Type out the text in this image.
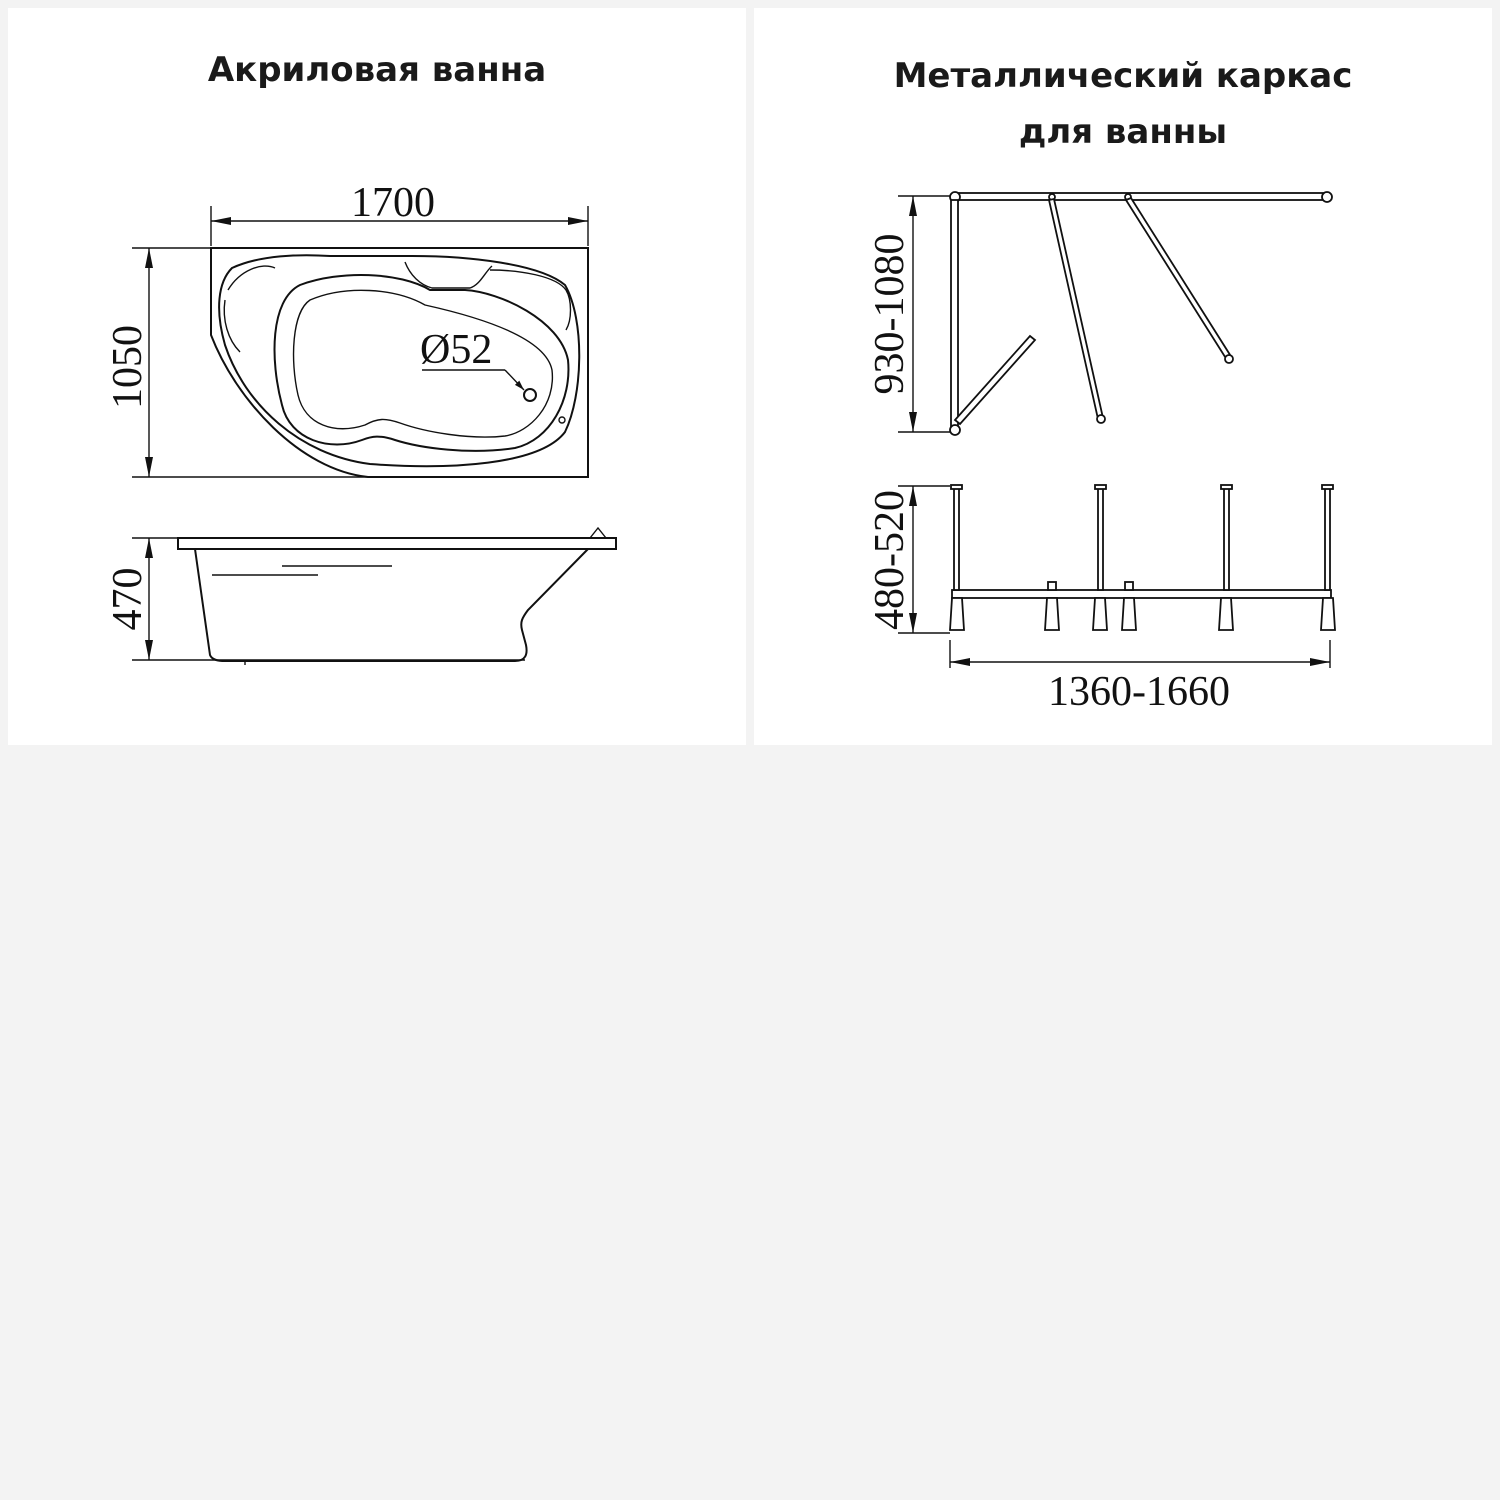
Акриловая ванна	Металлический каркас
для ванны
1700
1050	Ø52
470
930-1080
480-520
1360-1660
